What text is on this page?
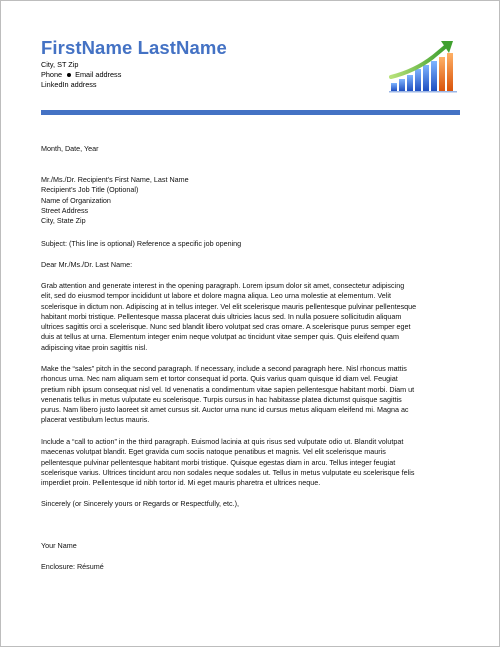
FirstName LastName
City, ST Zip
Phone Email address
LinkedIn address
Month, Date, Year
Mr./Ms./Dr. Recipient’s First Name, Last Name
Recipient’s Job Title (Optional)
Name of Organization
Street Address
City, State Zip
Subject: (This line is optional) Reference a specific job opening
Dear Mr./Ms./Dr. Last Name:
Grab attention and generate interest in the opening paragraph. Lorem ipsum dolor sit amet, consectetur adipiscing
elit, sed do eiusmod tempor incididunt ut labore et dolore magna aliqua. Leo urna molestie at elementum. Velit
scelerisque in dictum non. Adipiscing at in tellus integer. Vel elit scelerisque mauris pellentesque pulvinar pellentesque
habitant morbi tristique. Pellentesque massa placerat duis ultricies lacus sed. In nulla posuere sollicitudin aliquam
ultrices sagittis orci a scelerisque. Nunc sed blandit libero volutpat sed cras ornare. A scelerisque purus semper eget
duis at tellus at urna. Elementum integer enim neque volutpat ac tincidunt vitae semper quis. Quis eleifend quam
adipiscing vitae proin sagittis nisl.
Make the “sales” pitch in the second paragraph. If necessary, include a second paragraph here. Nisl rhoncus mattis
rhoncus urna. Nec nam aliquam sem et tortor consequat id porta. Quis varius quam quisque id diam vel. Feugiat
pretium nibh ipsum consequat nisl vel. Id venenatis a condimentum vitae sapien pellentesque habitant morbi. Diam ut
venenatis tellus in metus vulputate eu scelerisque. Turpis cursus in hac habitasse platea dictumst quisque sagittis
purus. Nam libero justo laoreet sit amet cursus sit. Auctor urna nunc id cursus metus aliquam eleifend mi. Magna ac
placerat vestibulum lectus mauris.
Include a “call to action” in the third paragraph. Euismod lacinia at quis risus sed vulputate odio ut. Blandit volutpat
maecenas volutpat blandit. Eget gravida cum sociis natoque penatibus et magnis. Vel elit scelerisque mauris
pellentesque pulvinar pellentesque habitant morbi tristique. Quisque egestas diam in arcu. Tellus integer feugiat
scelerisque varius. Ultrices tincidunt arcu non sodales neque sodales ut. Tellus in metus vulputate eu scelerisque felis
imperdiet proin. Pellentesque id nibh tortor id. Mi eget mauris pharetra et ultrices neque.
Sincerely (or Sincerely yours or Regards or Respectfully, etc.),
Your Name
Enclosure: Résumé
